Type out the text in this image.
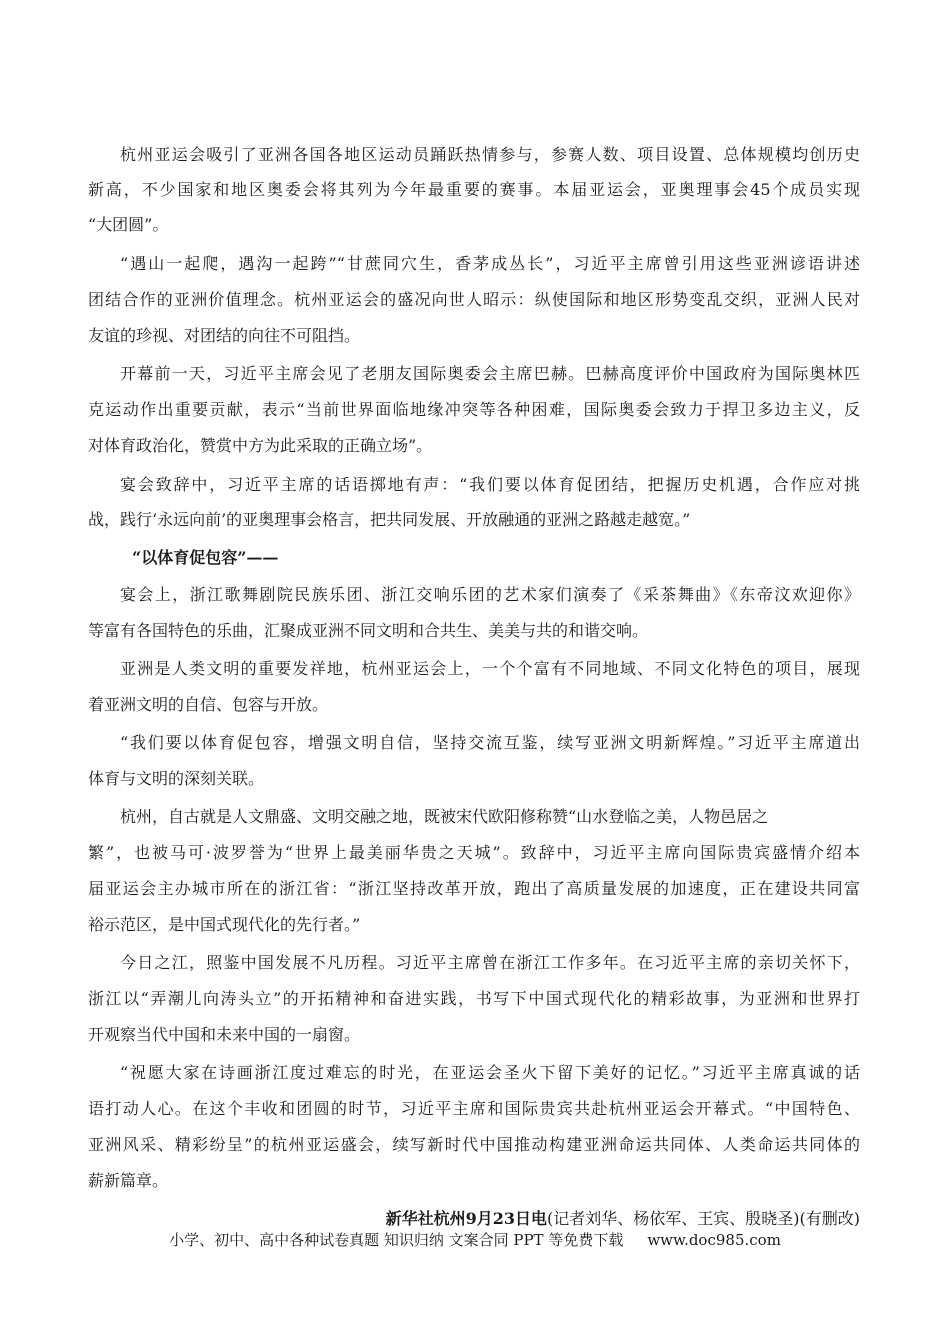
杭州亚运会吸引了亚洲各国各地区运动员踊跃热情参与，参赛人数、项目设置、总体规模均创历史
新高，不少国家和地区奥委会将其列为今年最重要的赛事。本届亚运会，亚奥理事会45个成员实现
“大团圆”。
“遇山一起爬，遇沟一起跨”“甘蔗同穴生，香茅成丛长”，习近平主席曾引用这些亚洲谚语讲述
团结合作的亚洲价值理念。杭州亚运会的盛况向世人昭示：纵使国际和地区形势变乱交织，亚洲人民对
友谊的珍视、对团结的向往不可阻挡。
开幕前一天，习近平主席会见了老朋友国际奥委会主席巴赫。巴赫高度评价中国政府为国际奥林匹
克运动作出重要贡献，表示“当前世界面临地缘冲突等各种困难，国际奥委会致力于捍卫多边主义，反
对体育政治化，赞赏中方为此采取的正确立场”。
宴会致辞中，习近平主席的话语掷地有声：“我们要以体育促团结，把握历史机遇，合作应对挑
战，践行‘永远向前’的亚奥理事会格言，把共同发展、开放融通的亚洲之路越走越宽。”
“以体育促包容”——
宴会上，浙江歌舞剧院民族乐团、浙江交响乐团的艺术家们演奏了《采茶舞曲》《东帝汶欢迎你》
等富有各国特色的乐曲，汇聚成亚洲不同文明和合共生、美美与共的和谐交响。
亚洲是人类文明的重要发祥地，杭州亚运会上，一个个富有不同地域、不同文化特色的项目，展现
着亚洲文明的自信、包容与开放。
“我们要以体育促包容，增强文明自信，坚持交流互鉴，续写亚洲文明新辉煌。”习近平主席道出
体育与文明的深刻关联。
杭州，自古就是人文鼎盛、文明交融之地，既被宋代欧阳修称赞“山水登临之美，人物邑居之
繁”，也被马可·波罗誉为“世界上最美丽华贵之天城”。致辞中，习近平主席向国际贵宾盛情介绍本
届亚运会主办城市所在的浙江省：“浙江坚持改革开放，跑出了高质量发展的加速度，正在建设共同富
裕示范区，是中国式现代化的先行者。”
今日之江，照鉴中国发展不凡历程。习近平主席曾在浙江工作多年。在习近平主席的亲切关怀下，
浙江以“弄潮儿向涛头立”的开拓精神和奋进实践，书写下中国式现代化的精彩故事，为亚洲和世界打
开观察当代中国和未来中国的一扇窗。
“祝愿大家在诗画浙江度过难忘的时光，在亚运会圣火下留下美好的记忆。”习近平主席真诚的话
语打动人心。在这个丰收和团圆的时节，习近平主席和国际贵宾共赴杭州亚运会开幕式。“中国特色、
亚洲风采、精彩纷呈”的杭州亚运盛会，续写新时代中国推动构建亚洲命运共同体、人类命运共同体的
薪新篇章。
新华社杭州9月23日电(记者刘华、杨依军、王宾、殷晓圣)(有删改)
小学、初中、高中各种试卷真题 知识归纳 文案合同 PPT 等免费下载 www.doc985.com
